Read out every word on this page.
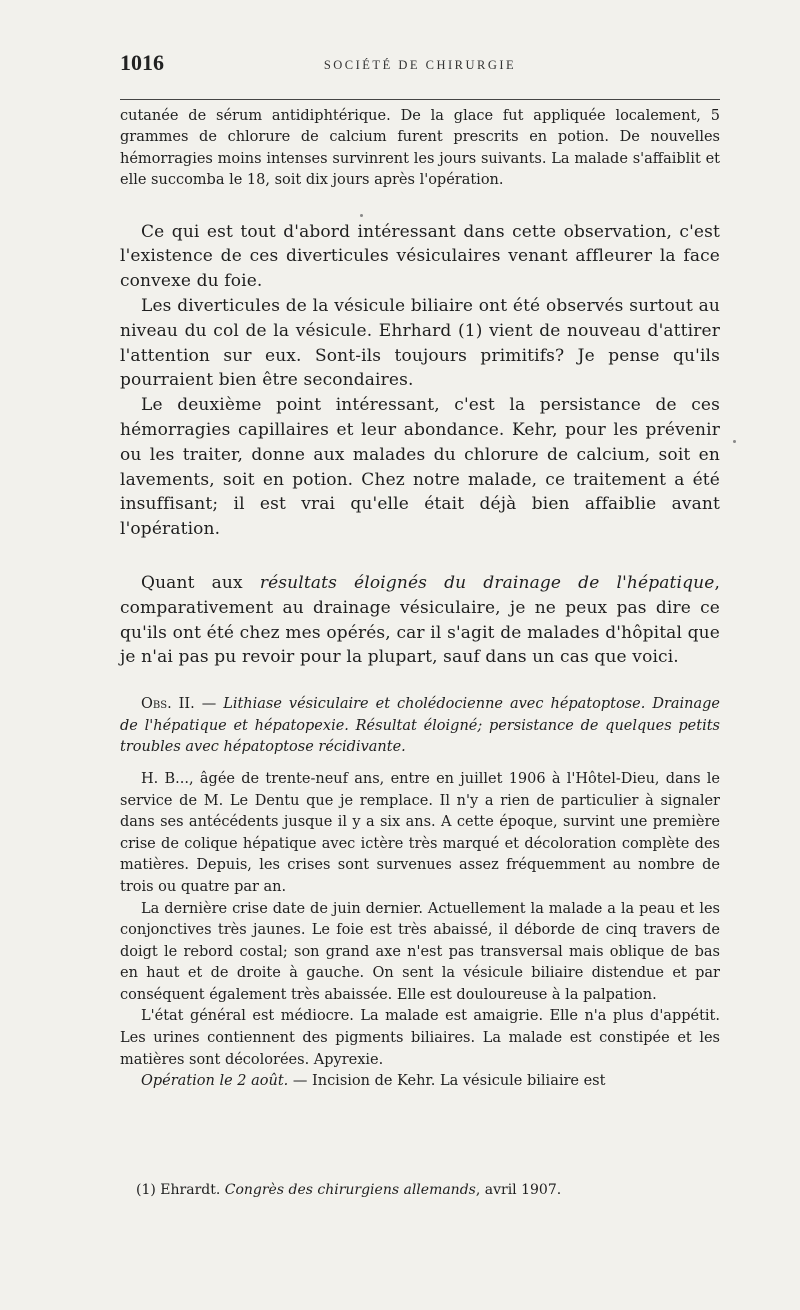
1016	SOCIÉTÉ DE CHIRURGIE

cutanée de sérum antidiphtérique. De la glace fut appliquée localement, 5 grammes de chlorure de calcium furent prescrits en potion. De nouvelles hémorragies moins intenses survinrent les jours suivants. La malade s'affaiblit et elle succomba le 18, soit dix jours après l'opération.

Ce qui est tout d'abord intéressant dans cette observation, c'est l'existence de ces diverticules vésiculaires venant affleurer la face convexe du foie.

Les diverticules de la vésicule biliaire ont été observés surtout au niveau du col de la vésicule. Ehrhard (1) vient de nouveau d'attirer l'attention sur eux. Sont-ils toujours primitifs? Je pense qu'ils pourraient bien être secondaires.

Le deuxième point intéressant, c'est la persistance de ces hémorragies capillaires et leur abondance. Kehr, pour les prévenir ou les traiter, donne aux malades du chlorure de calcium, soit en lavements, soit en potion. Chez notre malade, ce traitement a été insuffisant; il est vrai qu'elle était déjà bien affaiblie avant l'opération.

Quant aux résultats éloignés du drainage de l'hépatique, comparativement au drainage vésiculaire, je ne peux pas dire ce qu'ils ont été chez mes opérés, car il s'agit de malades d'hôpital que je n'ai pas pu revoir pour la plupart, sauf dans un cas que voici.

Obs. II. — Lithiase vésiculaire et cholédocienne avec hépatoptose. Drainage de l'hépatique et hépatopexie. Résultat éloigné; persistance de quelques petits troubles avec hépatoptose récidivante.

H. B..., âgée de trente-neuf ans, entre en juillet 1906 à l'Hôtel-Dieu, dans le service de M. Le Dentu que je remplace. Il n'y a rien de particulier à signaler dans ses antécédents jusque il y a six ans. A cette époque, survint une première crise de colique hépatique avec ictère très marqué et décoloration complète des matières. Depuis, les crises sont survenues assez fréquemment au nombre de trois ou quatre par an.

La dernière crise date de juin dernier. Actuellement la malade a la peau et les conjonctives très jaunes. Le foie est très abaissé, il déborde de cinq travers de doigt le rebord costal; son grand axe n'est pas transversal mais oblique de bas en haut et de droite à gauche. On sent la vésicule biliaire distendue et par conséquent également très abaissée. Elle est douloureuse à la palpation.

L'état général est médiocre. La malade est amaigrie. Elle n'a plus d'appétit. Les urines contiennent des pigments biliaires. La malade est constipée et les matières sont décolorées. Apyrexie.

Opération le 2 août. — Incision de Kehr. La vésicule biliaire est

(1) Ehrardt. Congrès des chirurgiens allemands, avril 1907.
